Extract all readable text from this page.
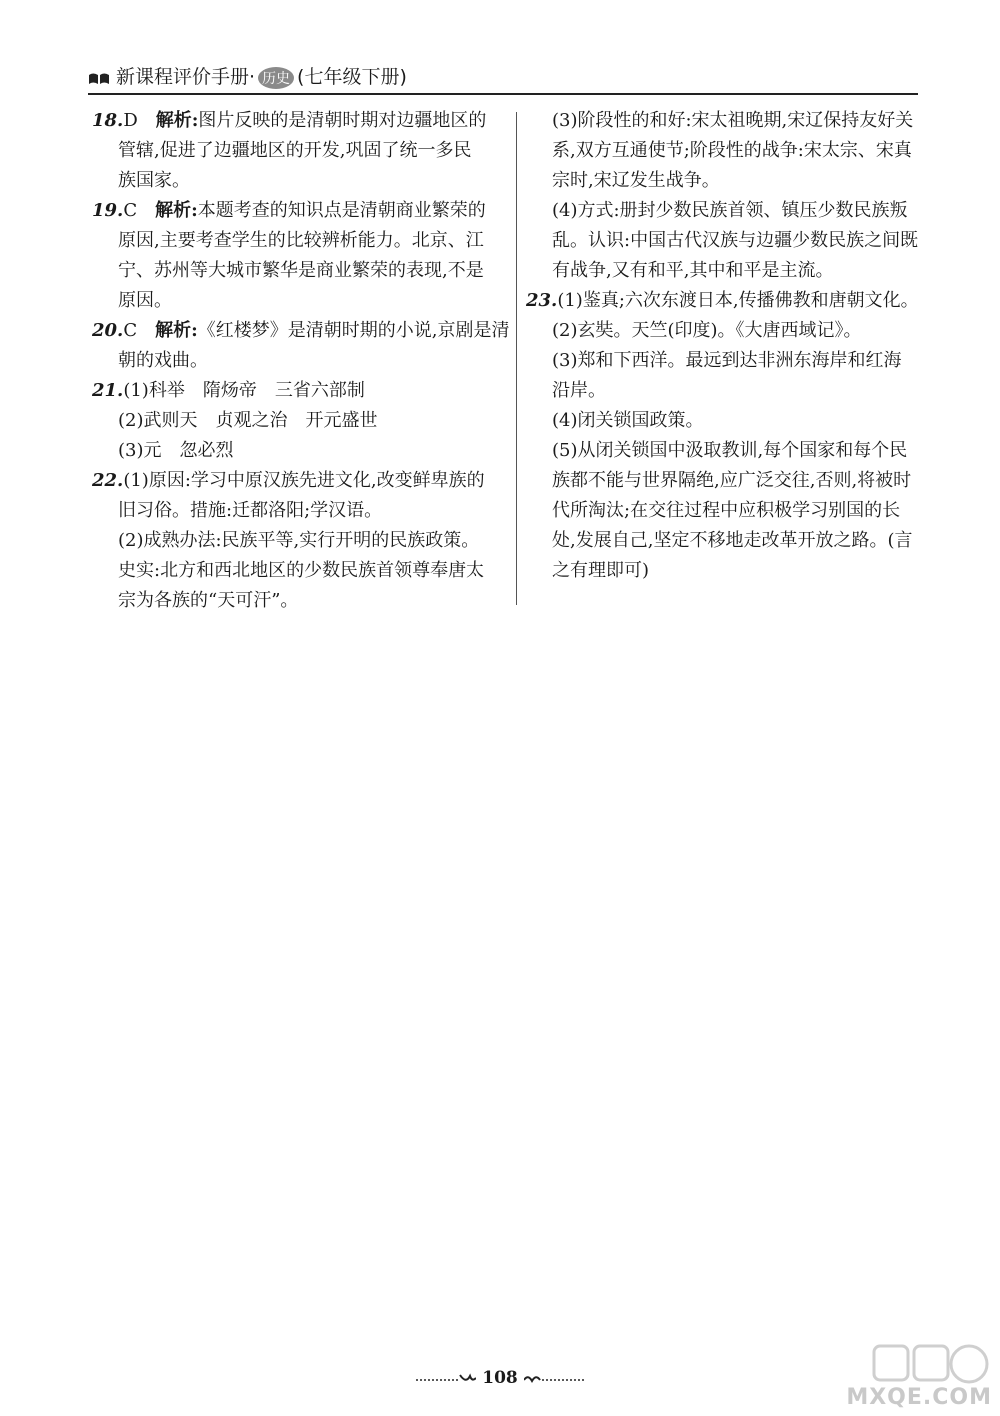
新课程评价手册· 历史 (七年级下册)
18.D　 解析:图片反映的是清朝时期对边疆地区的
管辖,促进了边疆地区的开发,巩固了统一多民
族国家。
19.C　 解析:本题考查的知识点是清朝商业繁荣的
原因,主要考查学生的比较辨析能力。北京、江
宁、苏州等大城市繁华是商业繁荣的表现,不是
原因。
20.C　 解析:《红楼梦》是清朝时期的小说,京剧是清
朝的戏曲。
21.(1)科举　隋炀帝　三省六部制
(2)武则天　贞观之治　开元盛世
(3)元　忽必烈
22.(1)原因:学习中原汉族先进文化,改变鲜卑族的
旧习俗。措施:迁都洛阳;学汉语。
(2)成熟办法:民族平等,实行开明的民族政策。
史实:北方和西北地区的少数民族首领尊奉唐太
宗为各族的“天可汗”。
(3)阶段性的和好:宋太祖晚期,宋辽保持友好关
系,双方互通使节;阶段性的战争:宋太宗、宋真
宗时,宋辽发生战争。
(4)方式:册封少数民族首领、镇压少数民族叛
乱。认识:中国古代汉族与边疆少数民族之间既
有战争,又有和平,其中和平是主流。
23.(1)鉴真;六次东渡日本,传播佛教和唐朝文化。
(2)玄奘。天竺(印度)。《大唐西域记》。
(3)郑和下西洋。最远到达非洲东海岸和红海
沿岸。
(4)闭关锁国政策。
(5)从闭关锁国中汲取教训,每个国家和每个民
族都不能与世界隔绝,应广泛交往,否则,将被时
代所淘汰;在交往过程中应积极学习别国的长
处,发展自己,坚定不移地走改革开放之路。(言
之有理即可)
108
MXQE.COM
